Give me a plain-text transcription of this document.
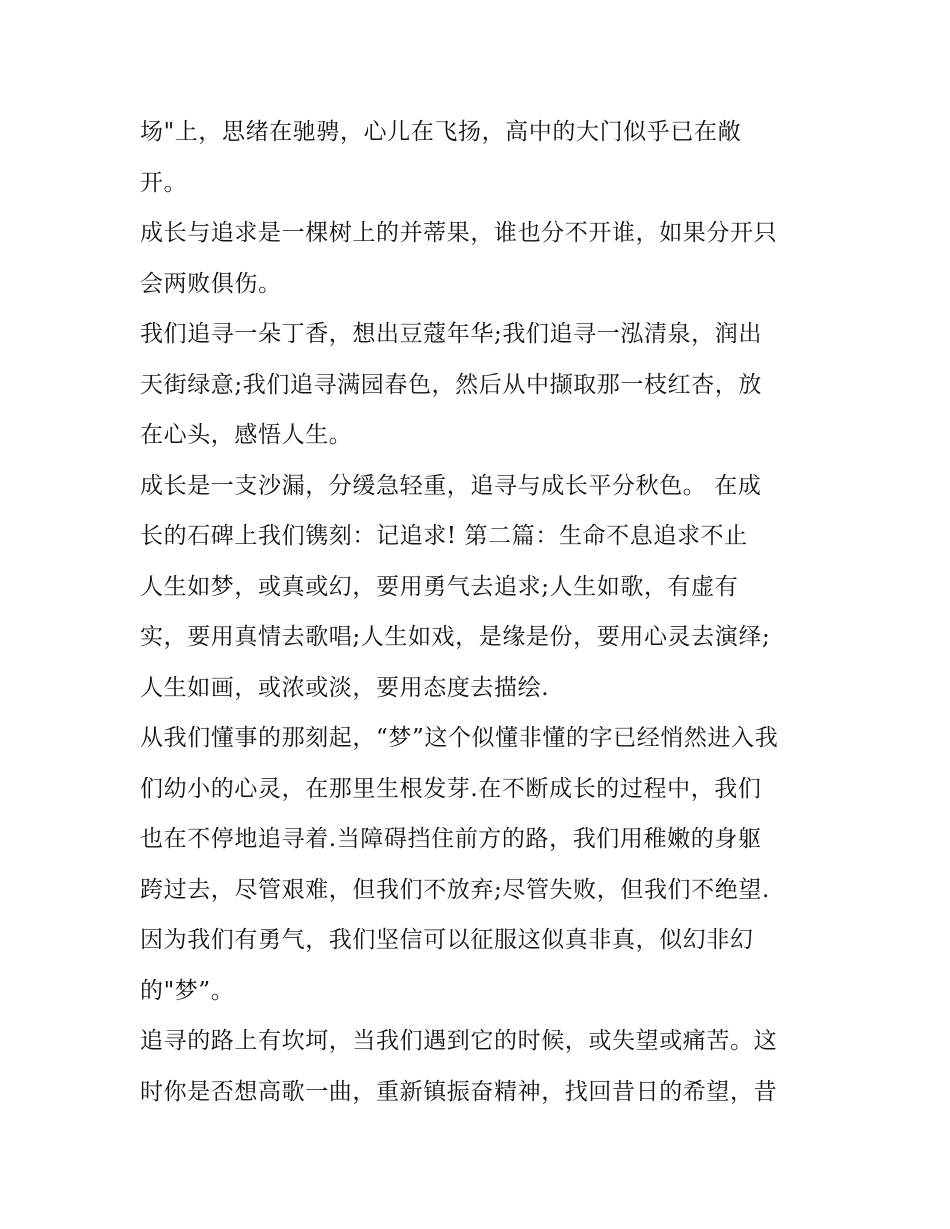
场"上，思绪在驰骋，心儿在飞扬，高中的大门似乎已在敞
开。
成长与追求是一棵树上的并蒂果，谁也分不开谁，如果分开只
会两败俱伤。
我们追寻一朵丁香，想出豆蔻年华;我们追寻一泓清泉，润出
天街绿意;我们追寻满园春色，然后从中撷取那一枝红杏，放
在心头，感悟人生。
成长是一支沙漏，分缓急轻重，追寻与成长平分秋色。 在成
长的石碑上我们镌刻：记追求! 第二篇：生命不息追求不止
人生如梦，或真或幻，要用勇气去追求;人生如歌，有虚有
实，要用真情去歌唱;人生如戏，是缘是份，要用心灵去演绎;
人生如画，或浓或淡，要用态度去描绘.
从我们懂事的那刻起，“梦”这个似懂非懂的字已经悄然进入我
们幼小的心灵，在那里生根发芽.在不断成长的过程中，我们
也在不停地追寻着.当障碍挡住前方的路，我们用稚嫩的身躯
跨过去，尽管艰难，但我们不放弃;尽管失败，但我们不绝望.
因为我们有勇气，我们坚信可以征服这似真非真，似幻非幻
的"梦”。
追寻的路上有坎坷，当我们遇到它的时候，或失望或痛苦。这
时你是否想高歌一曲，重新镇振奋精神，找回昔日的希望，昔
